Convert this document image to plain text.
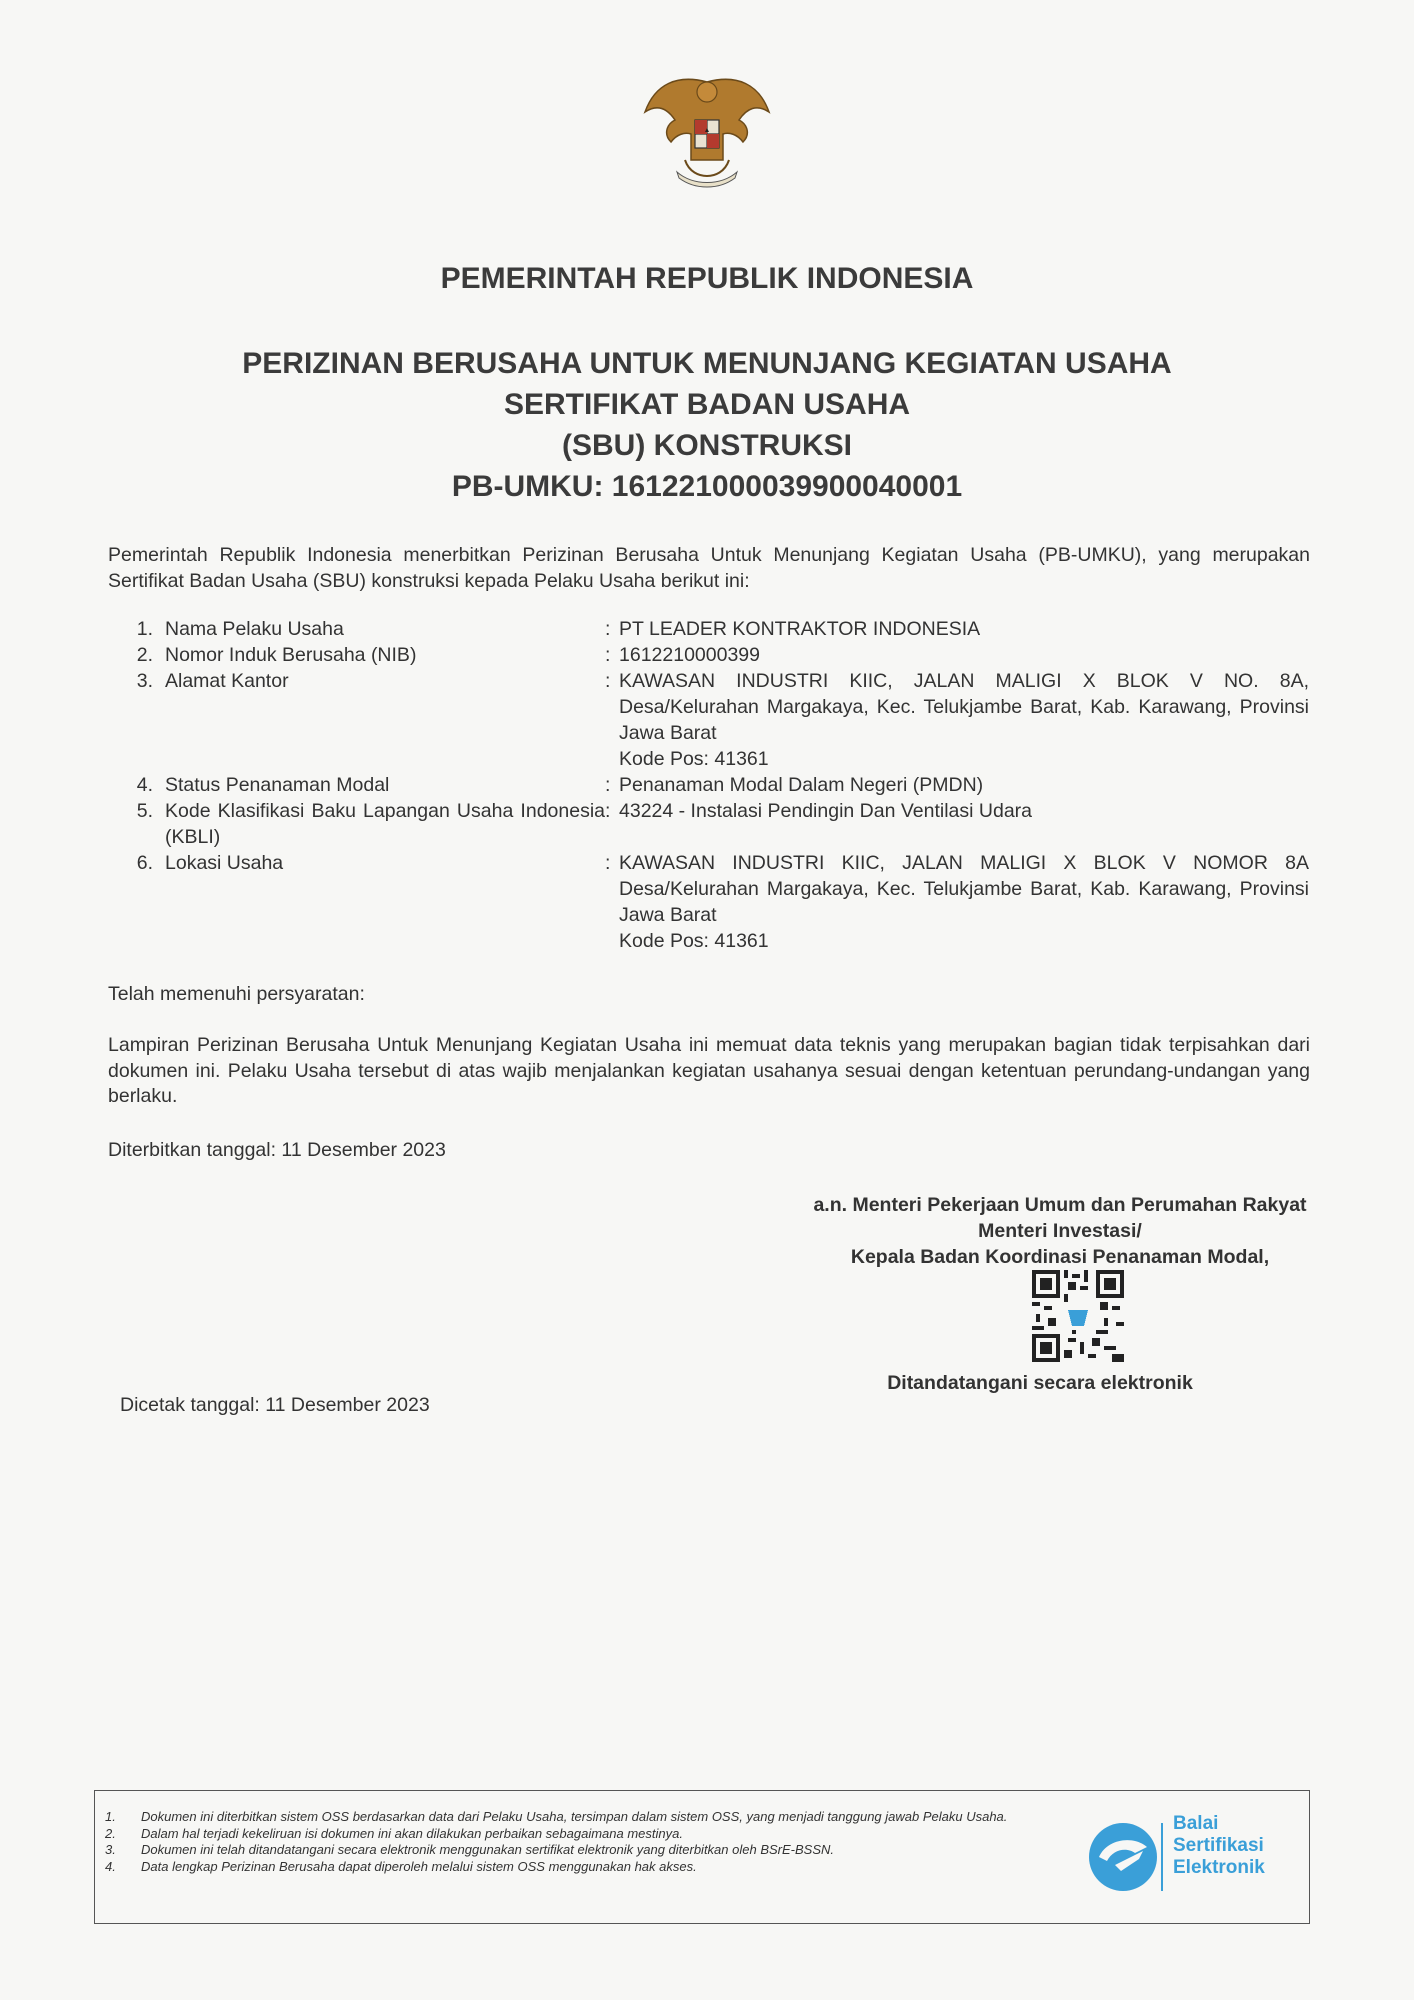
PEMERINTAH REPUBLIK INDONESIA
PERIZINAN BERUSAHA UNTUK MENUNJANG KEGIATAN USAHA
SERTIFIKAT BADAN USAHA
(SBU) KONSTRUKSI
PB-UMKU: 161221000039900040001
Pemerintah Republik Indonesia menerbitkan Perizinan Berusaha Untuk Menunjang Kegiatan Usaha (PB-UMKU), yang merupakan Sertifikat Badan Usaha (SBU) konstruksi kepada Pelaku Usaha berikut ini:
1. Nama Pelaku Usaha	: PT LEADER KONTRAKTOR INDONESIA
2. Nomor Induk Berusaha (NIB)	: 1612210000399
3. Alamat Kantor	: KAWASAN INDUSTRI KIIC, JALAN MALIGI X BLOK V NO. 8A, Desa/Kelurahan Margakaya, Kec. Telukjambe Barat, Kab. Karawang, Provinsi Jawa Barat
Kode Pos: 41361
4. Status Penanaman Modal	: Penanaman Modal Dalam Negeri (PMDN)
5. Kode Klasifikasi Baku Lapangan Usaha Indonesia (KBLI)
: 43224 - Instalasi Pendingin Dan Ventilasi Udara
6. Lokasi Usaha	: KAWASAN INDUSTRI KIIC, JALAN MALIGI X BLOK V NOMOR 8A Desa/Kelurahan Margakaya, Kec. Telukjambe Barat, Kab. Karawang, Provinsi Jawa Barat
Kode Pos: 41361
Telah memenuhi persyaratan:
Lampiran Perizinan Berusaha Untuk Menunjang Kegiatan Usaha ini memuat data teknis yang merupakan bagian tidak terpisahkan dari dokumen ini. Pelaku Usaha tersebut di atas wajib menjalankan kegiatan usahanya sesuai dengan ketentuan perundang-undangan yang berlaku.
Diterbitkan tanggal: 11 Desember 2023
a.n. Menteri Pekerjaan Umum dan Perumahan Rakyat
Menteri Investasi/
Kepala Badan Koordinasi Penanaman Modal,
Ditandatangani secara elektronik
Dicetak tanggal: 11 Desember 2023
1.	Dokumen ini diterbitkan sistem OSS berdasarkan data dari Pelaku Usaha, tersimpan dalam sistem OSS, yang menjadi tanggung jawab Pelaku Usaha.
2.	Dalam hal terjadi kekeliruan isi dokumen ini akan dilakukan perbaikan sebagaimana mestinya.
3.	Dokumen ini telah ditandatangani secara elektronik menggunakan sertifikat elektronik yang diterbitkan oleh BSrE-BSSN.
4.	Data lengkap Perizinan Berusaha dapat diperoleh melalui sistem OSS menggunakan hak akses.
Balai
Sertifikasi
Elektronik
